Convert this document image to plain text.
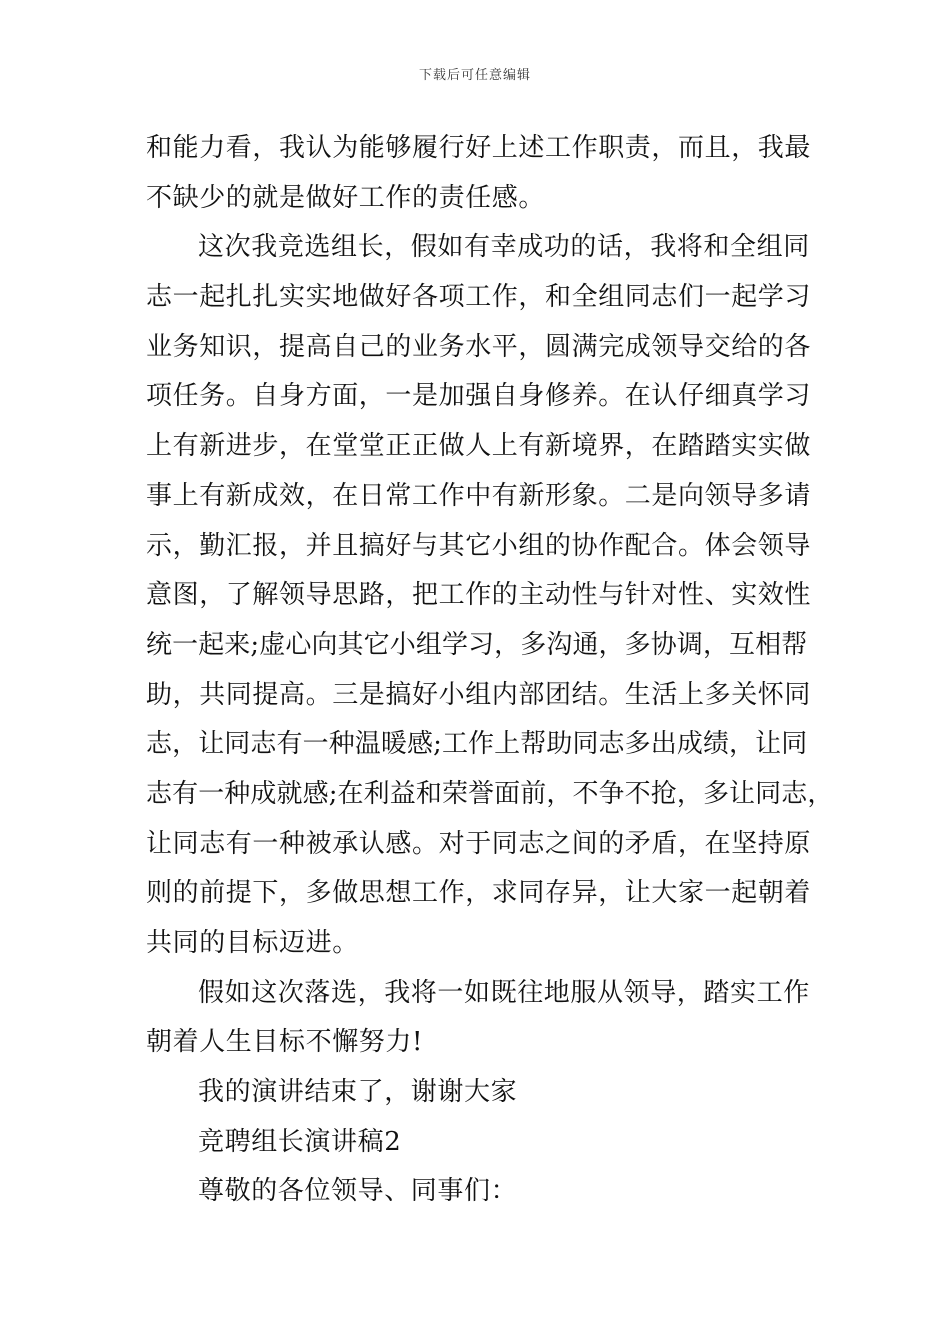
下载后可任意编辑
和能力看，我认为能够履行好上述工作职责，而且，我最
不缺少的就是做好工作的责任感。
这次我竞选组长，假如有幸成功的话，我将和全组同
志一起扎扎实实地做好各项工作，和全组同志们一起学习
业务知识，提高自己的业务水平，圆满完成领导交给的各
项任务。自身方面，一是加强自身修养。在认仔细真学习
上有新进步，在堂堂正正做人上有新境界，在踏踏实实做
事上有新成效，在日常工作中有新形象。二是向领导多请
示，勤汇报，并且搞好与其它小组的协作配合。体会领导
意图，了解领导思路，把工作的主动性与针对性、实效性
统一起来;虚心向其它小组学习，多沟通，多协调，互相帮
助，共同提高。三是搞好小组内部团结。生活上多关怀同
志，让同志有一种温暖感;工作上帮助同志多出成绩，让同
志有一种成就感;在利益和荣誉面前，不争不抢，多让同志，
让同志有一种被承认感。对于同志之间的矛盾，在坚持原
则的前提下，多做思想工作，求同存异，让大家一起朝着
共同的目标迈进。
假如这次落选，我将一如既往地服从领导，踏实工作
朝着人生目标不懈努力!
我的演讲结束了，谢谢大家
竞聘组长演讲稿2
尊敬的各位领导、同事们：
